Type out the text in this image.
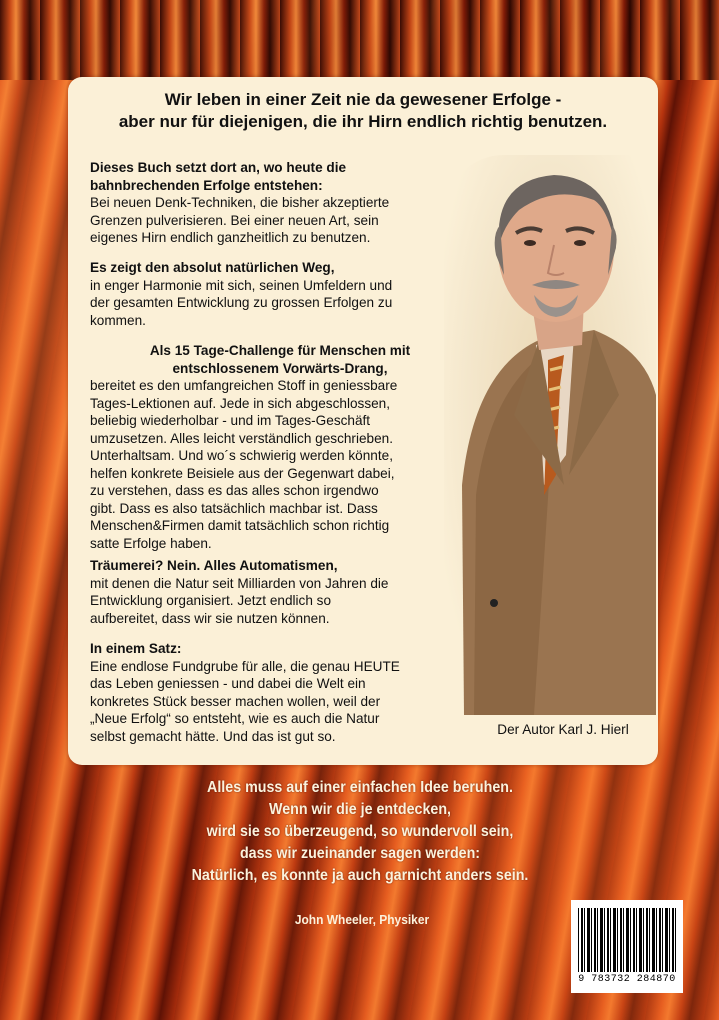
Wir leben in einer Zeit nie da gewesener Erfolge -
aber nur für diejenigen, die ihr Hirn endlich richtig benutzen.
Dieses Buch setzt dort an, wo heute die
bahnbrechenden Erfolge entstehen:
Bei neuen Denk-Techniken, die bisher akzeptierte
Grenzen pulverisieren. Bei einer neuen Art, sein
eigenes Hirn endlich ganzheitlich zu benutzen.
Es zeigt den absolut natürlichen Weg,
in enger Harmonie mit sich, seinen Umfeldern und
der gesamten Entwicklung zu grossen Erfolgen zu
kommen.
Als 15 Tage-Challenge für Menschen mit
entschlossenem Vorwärts-Drang,
bereitet es den umfangreichen Stoff in geniessbare
Tages-Lektionen auf. Jede in sich abgeschlossen,
beliebig wiederholbar - und im Tages-Geschäft
umzusetzen. Alles leicht verständlich geschrieben.
Unterhaltsam. Und wo´s schwierig werden könnte,
helfen konkrete Beisiele aus der Gegenwart dabei,
zu verstehen, dass es das alles schon irgendwo
gibt. Dass es also tatsächlich machbar ist. Dass
Menschen&Firmen damit tatsächlich schon richtig
satte Erfolge haben.
Träumerei? Nein. Alles Automatismen,
mit denen die Natur seit Milliarden von Jahren die
Entwicklung organisiert. Jetzt endlich so
aufbereitet, dass wir sie nutzen können.
In einem Satz:
Eine endlose Fundgrube für alle, die genau HEUTE
das Leben geniessen - und dabei die Welt ein
konkretes Stück besser machen wollen, weil der
„Neue Erfolg“ so entsteht, wie es auch die Natur
selbst gemacht hätte. Und das ist gut so.	Der Autor Karl J. Hierl
Alles muss auf einer einfachen Idee beruhen.
Wenn wir die je entdecken,
wird sie so überzeugend, so wundervoll sein,
dass wir zueinander sagen werden:
Natürlich, es konnte ja auch garnicht anders sein.
John Wheeler, Physiker
9 783732 284870
